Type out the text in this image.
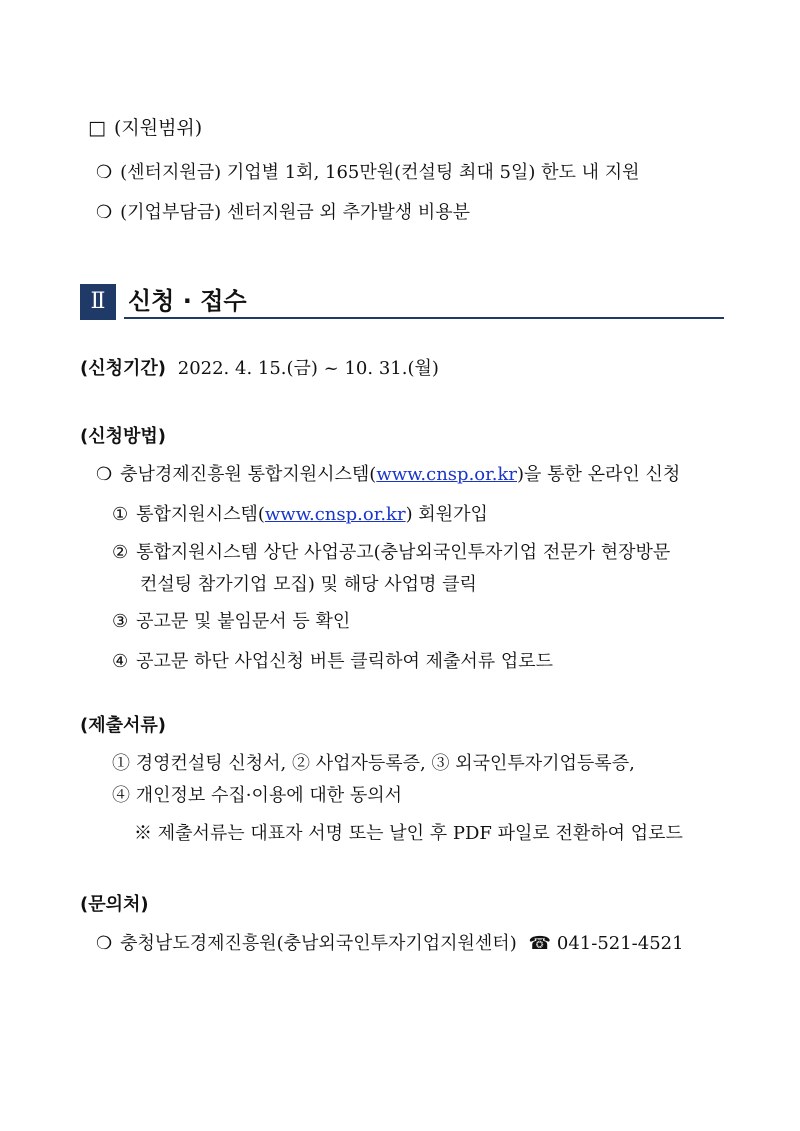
□ (지원범위)
❍ (센터지원금) 기업별 1회, 165만원(컨설팅 최대 5일) 한도 내 지원
❍ (기업부담금) 센터지원금 외 추가발생 비용분
Ⅱ 신청 · 접수
(신청기간) 2022. 4. 15.(금) ~ 10. 31.(월)
(신청방법)
❍ 충남경제진흥원 통합지원시스템(www.cnsp.or.kr)을 통한 온라인 신청
① 통합지원시스템(www.cnsp.or.kr) 회원가입
② 통합지원시스템 상단 사업공고(충남외국인투자기업 전문가 현장방문
컨설팅 참가기업 모집) 및 해당 사업명 클릭
③ 공고문 및 붙임문서 등 확인
④ 공고문 하단 사업신청 버튼 클릭하여 제출서류 업로드
(제출서류)
① 경영컨설팅 신청서, ② 사업자등록증, ③ 외국인투자기업등록증,
④ 개인정보 수집·이용에 대한 동의서
※ 제출서류는 대표자 서명 또는 날인 후 PDF 파일로 전환하여 업로드
(문의처)
❍ 충청남도경제진흥원(충남외국인투자기업지원센터) ☎ 041-521-4521
